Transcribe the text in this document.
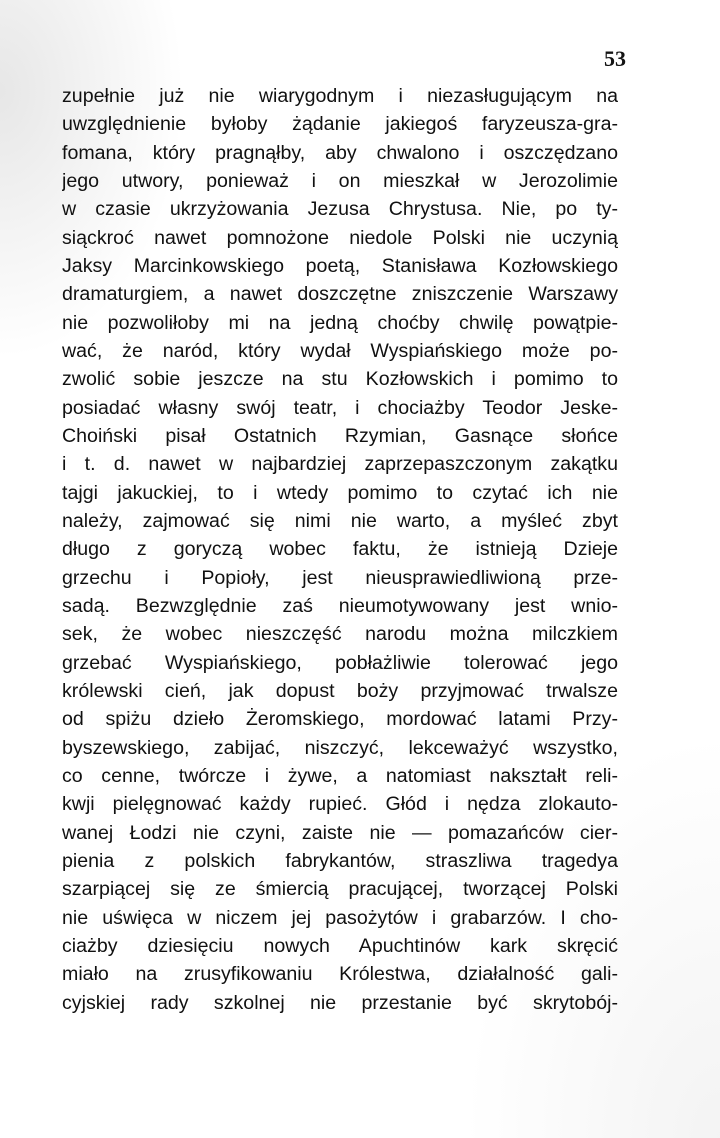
53
zupełnie już nie wiarygodnym i niezasługującym na
uwzględnienie byłoby żądanie jakiegoś faryzeusza-gra-
fomana, który pragnąłby, aby chwalono i oszczędzano
jego utwory, ponieważ i on mieszkał w Jerozolimie
w czasie ukrzyżowania Jezusa Chrystusa. Nie, po ty-
siąckroć nawet pomnożone niedole Polski nie uczynią
Jaksy Marcinkowskiego poetą, Stanisława Kozłowskiego
dramaturgiem, a nawet doszczętne zniszczenie Warszawy
nie pozwoliłoby mi na jedną choćby chwilę powątpie-
wać, że naród, który wydał Wyspiańskiego może po-
zwolić sobie jeszcze na stu Kozłowskich i pomimo to
posiadać własny swój teatr, i chociażby Teodor Jeske-
Choiński pisał Ostatnich Rzymian, Gasnące słońce
i t. d. nawet w najbardziej zaprzepaszczonym zakątku
tajgi jakuckiej, to i wtedy pomimo to czytać ich nie
należy, zajmować się nimi nie warto, a myśleć zbyt
długo z goryczą wobec faktu, że istnieją Dzieje
grzechu i Popioły, jest nieusprawiedliwioną prze-
sadą. Bezwzględnie zaś nieumotywowany jest wnio-
sek, że wobec nieszczęść narodu można milczkiem
grzebać Wyspiańskiego, pobłażliwie tolerować jego
królewski cień, jak dopust boży przyjmować trwalsze
od spiżu dzieło Żeromskiego, mordować latami Przy-
byszewskiego, zabijać, niszczyć, lekceważyć wszystko,
co cenne, twórcze i żywe, a natomiast nakształt reli-
kwji pielęgnować każdy rupieć. Głód i nędza zlokauto-
wanej Łodzi nie czyni, zaiste nie — pomazańców cier-
pienia z polskich fabrykantów, straszliwa tragedya
szarpiącej się ze śmiercią pracującej, tworzącej Polski
nie uświęca w niczem jej pasożytów i grabarzów. I cho-
ciażby dziesięciu nowych Apuchtinów kark skręcić
miało na zrusyfikowaniu Królestwa, działalność gali-
cyjskiej rady szkolnej nie przestanie być skrytobój-
